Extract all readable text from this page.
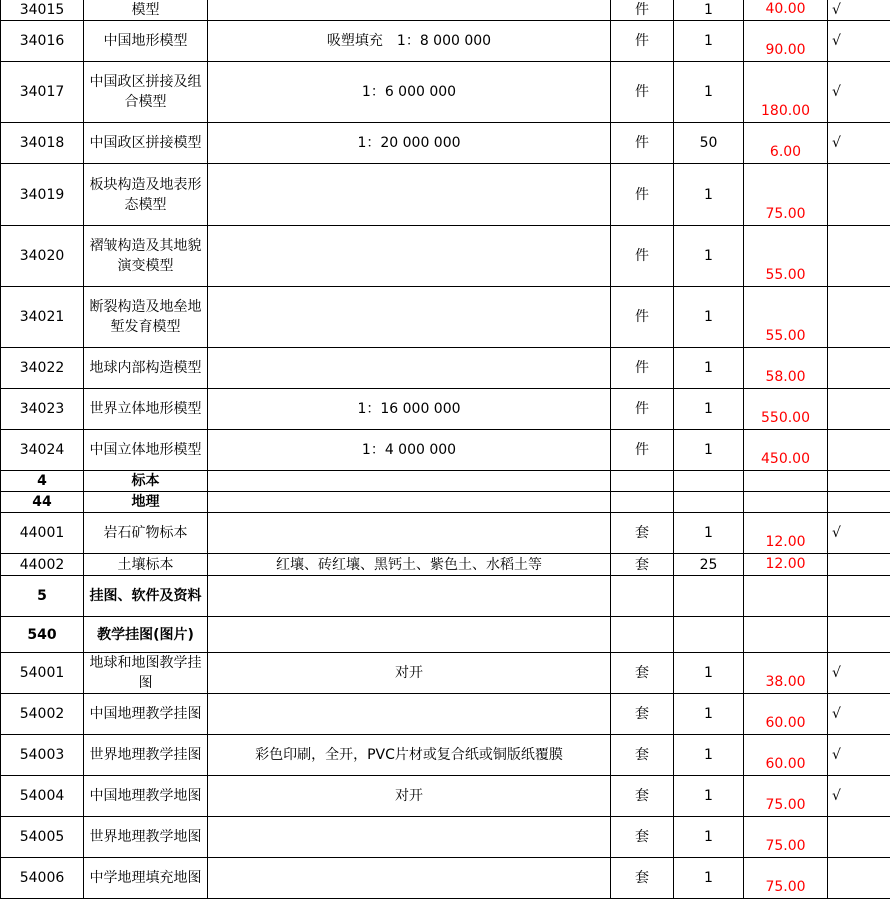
34015	模型		件	1	40.00	√
34016	中国地形模型	吸塑填充　1：8 000 000	件	1	90.00	√
34017	中国政区拼接及组合模型	1：6 000 000	件	1	180.00	√
34018	中国政区拼接模型	1：20 000 000	件	50	6.00	√
34019	板块构造及地表形态模型		件	1	75.00	
34020	褶皱构造及其地貌演变模型		件	1	55.00	
34021	断裂构造及地垒地堑发育模型		件	1	55.00	
34022	地球内部构造模型		件	1	58.00	
34023	世界立体地形模型	1：16 000 000	件	1	550.00	
34024	中国立体地形模型	1：4 000 000	件	1	450.00	
4	标本					
44	地理					
44001	岩石矿物标本		套	1	12.00	√
44002	土壤标本	红壤、砖红壤、黑钙土、紫色土、水稻土等	套	25	12.00	
5	挂图、软件及资料					
540	教学挂图(图片)					
54001	地球和地图教学挂图	对开	套	1	38.00	√
54002	中国地理教学挂图		套	1	60.00	√
54003	世界地理教学挂图	彩色印刷，全开，PVC片材或复合纸或铜版纸覆膜	套	1	60.00	√
54004	中国地理教学地图	对开	套	1	75.00	√
54005	世界地理教学地图		套	1	75.00	
54006	中学地理填充地图		套	1	75.00	
